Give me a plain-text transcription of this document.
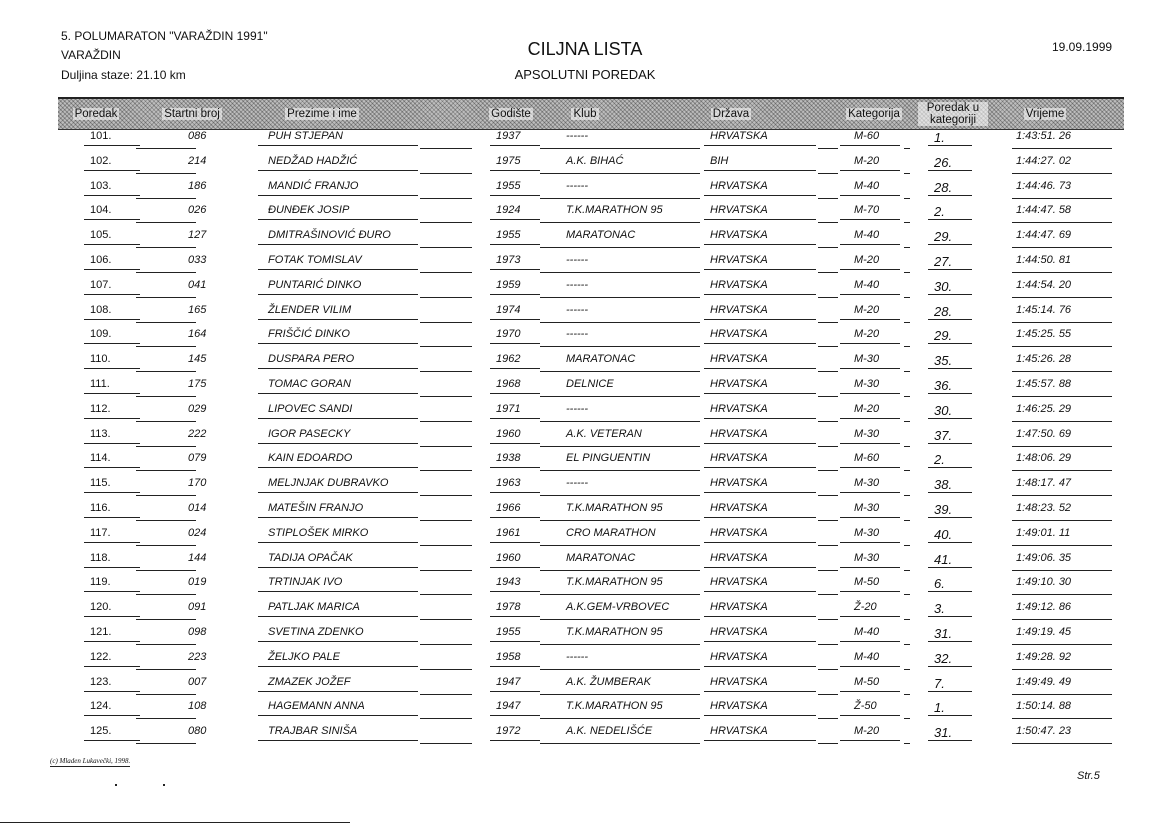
5. POLUMARATON "VARAŽDIN 1991"
VARAŽDIN
Duljina staze: 21.10 km
CILJNA LISTA
APSOLUTNI POREDAK
19.09.1999
Poredak	Startni broj	Prezime i ime	Godište	Klub	Država	Kategorija	Poredak u kategoriji	Vrijeme
101.	086	PUH STJEPAN	1937	------	HRVATSKA	M-60	1.	1:43:51. 26
102.	214	NEDŽAD HADŽIĆ	1975	A.K. BIHAĆ	BIH	M-20	26.	1:44:27. 02
103.	186	MANDIĆ FRANJO	1955	------	HRVATSKA	M-40	28.	1:44:46. 73
104.	026	ĐUNĐEK JOSIP	1924	T.K.MARATHON 95	HRVATSKA	M-70	2.	1:44:47. 58
105.	127	DMITRAŠINOVIĆ ĐURO	1955	MARATONAC	HRVATSKA	M-40	29.	1:44:47. 69
106.	033	FOTAK TOMISLAV	1973	------	HRVATSKA	M-20	27.	1:44:50. 81
107.	041	PUNTARIĆ DINKO	1959	------	HRVATSKA	M-40	30.	1:44:54. 20
108.	165	ŽLENDER VILIM	1974	------	HRVATSKA	M-20	28.	1:45:14. 76
109.	164	FRIŠČIĆ DINKO	1970	------	HRVATSKA	M-20	29.	1:45:25. 55
110.	145	DUSPARA PERO	1962	MARATONAC	HRVATSKA	M-30	35.	1:45:26. 28
111.	175	TOMAC GORAN	1968	DELNICE	HRVATSKA	M-30	36.	1:45:57. 88
112.	029	LIPOVEC SANDI	1971	------	HRVATSKA	M-20	30.	1:46:25. 29
113.	222	IGOR PASECKY	1960	A.K. VETERAN	HRVATSKA	M-30	37.	1:47:50. 69
114.	079	KAIN EDOARDO	1938	EL PINGUENTIN	HRVATSKA	M-60	2.	1:48:06. 29
115.	170	MELJNJAK DUBRAVKO	1963	------	HRVATSKA	M-30	38.	1:48:17. 47
116.	014	MATEŠIN FRANJO	1966	T.K.MARATHON 95	HRVATSKA	M-30	39.	1:48:23. 52
117.	024	STIPLOŠEK MIRKO	1961	CRO MARATHON	HRVATSKA	M-30	40.	1:49:01. 11
118.	144	TADIJA OPAČAK	1960	MARATONAC	HRVATSKA	M-30	41.	1:49:06. 35
119.	019	TRTINJAK IVO	1943	T.K.MARATHON 95	HRVATSKA	M-50	6.	1:49:10. 30
120.	091	PATLJAK MARICA	1978	A.K.GEM-VRBOVEC	HRVATSKA	Ž-20	3.	1:49:12. 86
121.	098	SVETINA ZDENKO	1955	T.K.MARATHON 95	HRVATSKA	M-40	31.	1:49:19. 45
122.	223	ŽELJKO PALE	1958	------	HRVATSKA	M-40	32.	1:49:28. 92
123.	007	ZMAZEK JOŽEF	1947	A.K. ŽUMBERAK	HRVATSKA	M-50	7.	1:49:49. 49
124.	108	HAGEMANN ANNA	1947	T.K.MARATHON 95	HRVATSKA	Ž-50	1.	1:50:14. 88
125.	080	TRAJBAR SINIŠA	1972	A.K. NEDELIŠĆE	HRVATSKA	M-20	31.	1:50:47. 23
(c) Mladen Lukavečki, 1998.
Str.5
